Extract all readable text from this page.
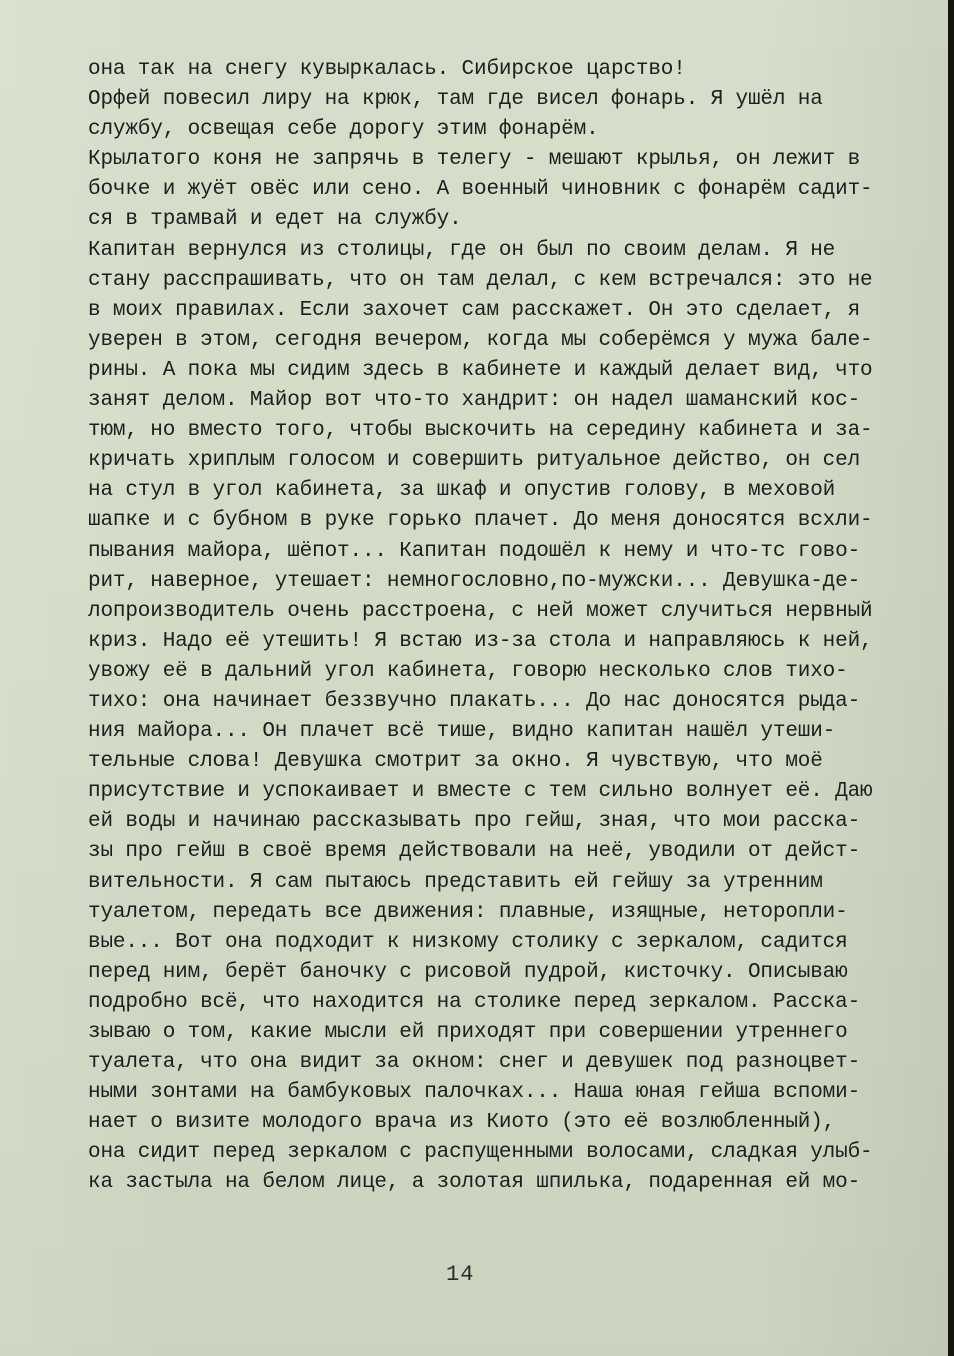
она так на снегу кувыркалась. Сибирское царство!
Орфей повесил лиру на крюк, там где висел фонарь. Я ушёл на
службу, освещая себе дорогу этим фонарём.
Крылатого коня не запрячь в телегу - мешают крылья, он лежит в
бочке и жуёт овёс или сено. А военный чиновник с фонарём садит-
ся в трамвай и едет на службу.
Капитан вернулся из столицы, где он был по своим делам. Я не
стану расспрашивать, что он там делал, с кем встречался: это не
в моих правилах. Если захочет сам расскажет. Он это сделает, я
уверен в этом, сегодня вечером, когда мы соберёмся у мужа бале-
рины. А пока мы сидим здесь в кабинете и каждый делает вид, что
занят делом. Майор вот что-то хандрит: он надел шаманский кос-
тюм, но вместо того, чтобы выскочить на середину кабинета и за-
кричать хриплым голосом и совершить ритуальное действо, он сел
на стул в угол кабинета, за шкаф и опустив голову, в меховой
шапке и с бубном в руке горько плачет. До меня доносятся всхли-
пывания майора, шёпот... Капитан подошёл к нему и что-тс гово-
рит, наверное, утешает: немногословно,по-мужски... Девушка-де-
лопроизводитель очень расстроена, с ней может случиться нервный
криз. Надо её утешить! Я встаю из-за стола и направляюсь к ней,
увожу её в дальний угол кабинета, говорю несколько слов тихо-
тихо: она начинает беззвучно плакать... До нас доносятся рыда-
ния майора... Он плачет всё тише, видно капитан нашёл утеши-
тельные слова! Девушка смотрит за окно. Я чувствую, что моё
присутствие и успокаивает и вместе с тем сильно волнует её. Даю
ей воды и начинаю рассказывать про гейш, зная, что мои расска-
зы про гейш в своё время действовали на неё, уводили от дейст-
вительности. Я сам пытаюсь представить ей гейшу за утренним
туалетом, передать все движения: плавные, изящные, неторопли-
вые... Вот она подходит к низкому столику с зеркалом, садится
перед ним, берёт баночку с рисовой пудрой, кисточку. Описываю
подробно всё, что находится на столике перед зеркалом. Расска-
зываю о том, какие мысли ей приходят при совершении утреннего
туалета, что она видит за окном: снег и девушек под разноцвет-
ными зонтами на бамбуковых палочках... Наша юная гейша вспоми-
нает о визите молодого врача из Киото (это её возлюбленный),
она сидит перед зеркалом с распущенными волосами, сладкая улыб-
ка застыла на белом лице, а золотая шпилька, подаренная ей мо-
14
